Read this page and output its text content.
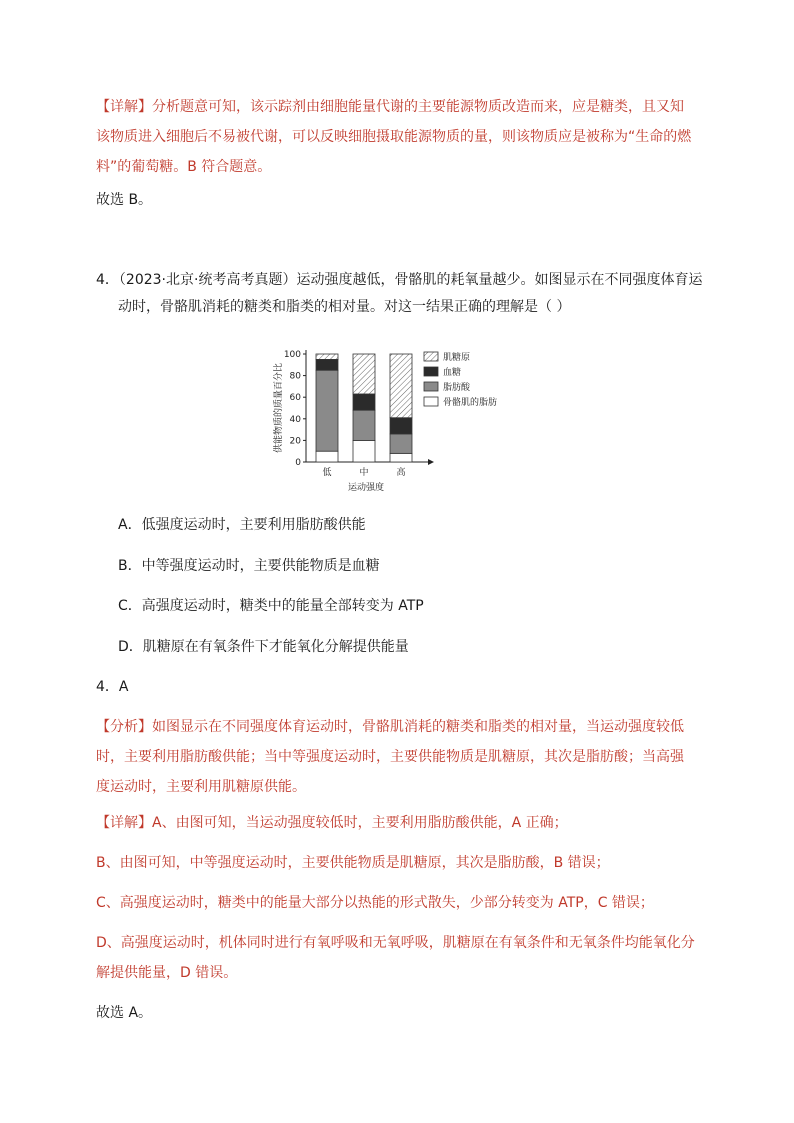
【详解】分析题意可知，该示踪剂由细胞能量代谢的主要能源物质改造而来，应是糖类，且又知该物质进入细胞后不易被代谢，可以反映细胞摄取能源物质的量，则该物质应是被称为“生命的燃料”的葡萄糖。B 符合题意。

故选 B。
4．（2023·北京·统考高考真题）运动强度越低，骨骼肌的耗氧量越少。如图显示在不同强度体育运
动时，骨骼肌消耗的糖类和脂类的相对量。对这一结果正确的理解是（ ）
0
20
40
60
80
100
供能物质的质量百分比
低	中	高
运动强度
肌糖原
血糖
脂肪酸
骨骼肌的脂肪
A．低强度运动时，主要利用脂肪酸供能
B．中等强度运动时，主要供能物质是血糖
C．高强度运动时，糖类中的能量全部转变为 ATP
D．肌糖原在有氧条件下才能氧化分解提供能量
4．A

【分析】如图显示在不同强度体育运动时，骨骼肌消耗的糖类和脂类的相对量，当运动强度较低时，主要利用脂肪酸供能；当中等强度运动时，主要供能物质是肌糖原，其次是脂肪酸；当高强度运动时，主要利用肌糖原供能。

【详解】A、由图可知，当运动强度较低时，主要利用脂肪酸供能，A 正确；
B、由图可知，中等强度运动时，主要供能物质是肌糖原，其次是脂肪酸，B 错误；
C、高强度运动时，糖类中的能量大部分以热能的形式散失，少部分转变为 ATP，C 错误；

D、高强度运动时，机体同时进行有氧呼吸和无氧呼吸，肌糖原在有氧条件和无氧条件均能氧化分解提供能量，D 错误。

故选 A。
